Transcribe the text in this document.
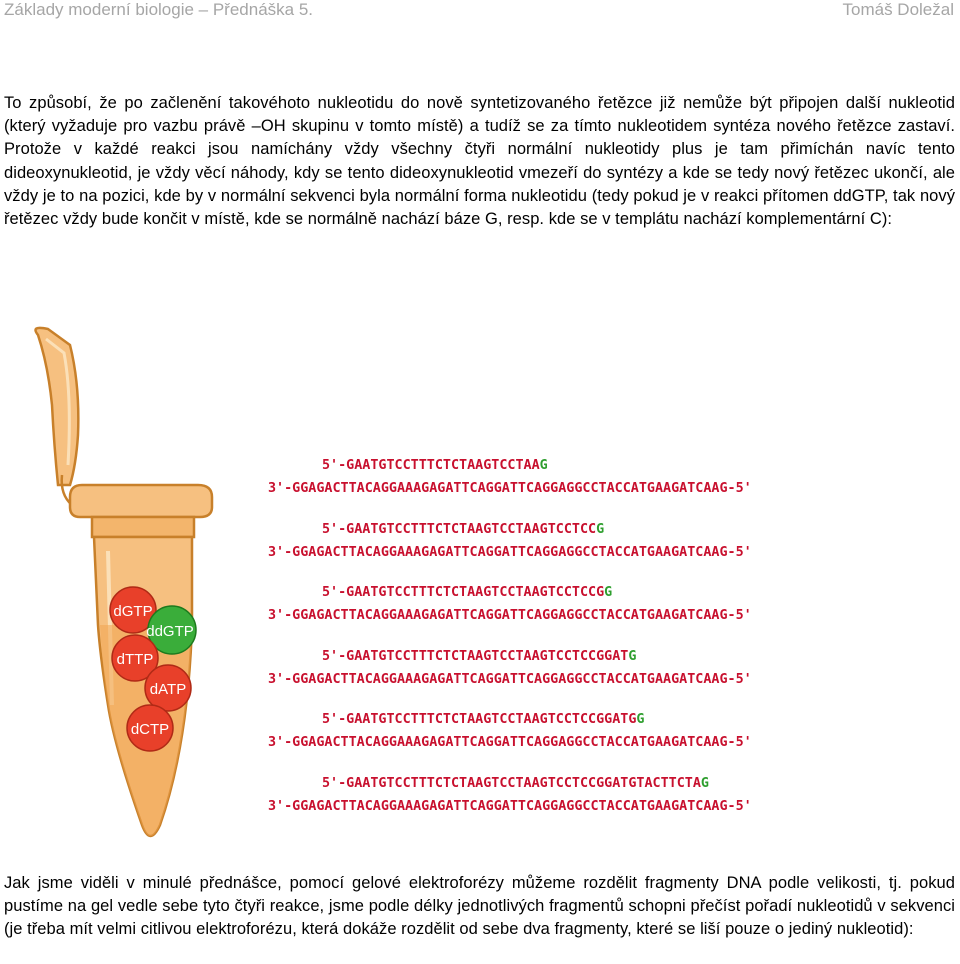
Základy moderní biologie – Přednáška 5.	Tomáš Doležal
To způsobí, že po začlenění takovéhoto nukleotidu do nově syntetizovaného řetězce již nemůže být připojen další nukleotid (který vyžaduje pro vazbu právě –OH skupinu v tomto místě) a tudíž se za tímto nukleotidem syntéza nového řetězce zastaví. Protože v každé reakci jsou namíchány vždy všechny čtyři normální nukleotidy plus je tam přimíchán navíc tento dideoxynukleotid, je vždy věcí náhody, kdy se tento dideoxynukleotid vmezeří do syntézy a kde se tedy nový řetězec ukončí, ale vždy je to na pozici, kde by v normální sekvenci byla normální forma nukleotidu (tedy pokud je v reakci přítomen ddGTP, tak nový řetězec vždy bude končit v místě, kde se normálně nachází báze G, resp. kde se v templátu nachází komplementární C):
dGTP
ddGTP
dTTP
dATP
dCTP
5'-GAATGTCCTTTCTCTAAGTCCTAAG
3'-GGAGACTTACAGGAAAGAGATTCAGGATTCAGGAGGCCTACCATGAAGATCAAG-5'
5'-GAATGTCCTTTCTCTAAGTCCTAAGTCCTCCG
3'-GGAGACTTACAGGAAAGAGATTCAGGATTCAGGAGGCCTACCATGAAGATCAAG-5'
5'-GAATGTCCTTTCTCTAAGTCCTAAGTCCTCCGG
3'-GGAGACTTACAGGAAAGAGATTCAGGATTCAGGAGGCCTACCATGAAGATCAAG-5'
5'-GAATGTCCTTTCTCTAAGTCCTAAGTCCTCCGGATG
3'-GGAGACTTACAGGAAAGAGATTCAGGATTCAGGAGGCCTACCATGAAGATCAAG-5'
5'-GAATGTCCTTTCTCTAAGTCCTAAGTCCTCCGGATGG
3'-GGAGACTTACAGGAAAGAGATTCAGGATTCAGGAGGCCTACCATGAAGATCAAG-5'
5'-GAATGTCCTTTCTCTAAGTCCTAAGTCCTCCGGATGTACTTCTAG
3'-GGAGACTTACAGGAAAGAGATTCAGGATTCAGGAGGCCTACCATGAAGATCAAG-5'
Jak jsme viděli v minulé přednášce, pomocí gelové elektroforézy můžeme rozdělit fragmenty DNA podle velikosti, tj. pokud pustíme na gel vedle sebe tyto čtyři reakce, jsme podle délky jednotlivých fragmentů schopni přečíst pořadí nukleotidů v sekvenci (je třeba mít velmi citlivou elektroforézu, která dokáže rozdělit od sebe dva fragmenty, které se liší pouze o jediný nukleotid):
